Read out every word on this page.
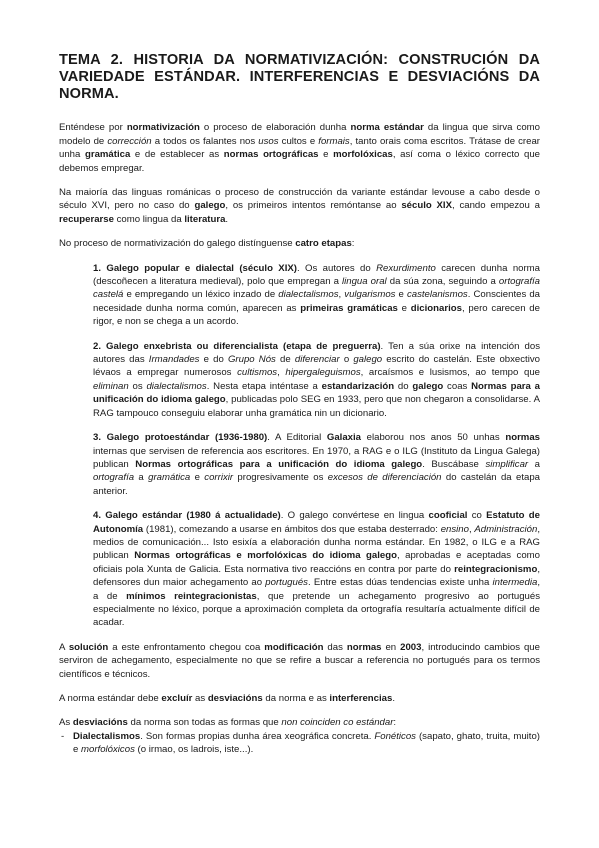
TEMA 2. HISTORIA DA NORMATIVIZACIÓN: CONSTRUCIÓN DA VARIEDADE ESTÁNDAR. INTERFERENCIAS E DESVIACIÓNS DA NORMA.

Enténdese por normativización o proceso de elaboración dunha norma estándar da lingua que sirva como modelo de corrección a todos os falantes nos usos cultos e formais, tanto orais coma escritos. Trátase de crear unha gramática e de establecer as normas ortográficas e morfolóxicas, así coma o léxico correcto que debemos empregar.

Na maioría das linguas románicas o proceso de construcción da variante estándar levouse a cabo desde o século XVI, pero no caso do galego, os primeiros intentos remóntanse ao século XIX, cando empezou a recuperarse como lingua da literatura.

No proceso de normativización do galego distínguense catro etapas:

1. Galego popular e dialectal (século XIX). Os autores do Rexurdimento carecen dunha norma (descoñecen a literatura medieval), polo que empregan a lingua oral da súa zona, seguindo a ortografía castelá e empregando un léxico inzado de dialectalismos, vulgarismos e castelanismos. Conscientes da necesidade dunha norma común, aparecen as primeiras gramáticas e dicionarios, pero carecen de rigor, e non se chega a un acordo.
2. Galego enxebrista ou diferencialista (etapa de preguerra). Ten a súa orixe na intención dos autores das Irmandades e do Grupo Nós de diferenciar o galego escrito do castelán. Este obxectivo lévaos a empregar numerosos cultismos, hipergaleguismos, arcaísmos e lusismos, ao tempo que eliminan os dialectalismos. Nesta etapa inténtase a estandarización do galego coas Normas para a unificación do idioma galego, publicadas polo SEG en 1933, pero que non chegaron a consolidarse. A RAG tampouco conseguiu elaborar unha gramática nin un dicionario.
3. Galego protoestándar (1936-1980). A Editorial Galaxia elaborou nos anos 50 unhas normas internas que servisen de referencia aos escritores. En 1970, a RAG e o ILG (Instituto da Lingua Galega) publican Normas ortográficas para a unificación do idioma galego. Buscábase simplificar a ortografía a gramática e corrixir progresivamente os excesos de diferenciación do castelán da etapa anterior.
4. Galego estándar (1980 á actualidade). O galego convértese en lingua cooficial co Estatuto de Autonomía (1981), comezando a usarse en ámbitos dos que estaba desterrado: ensino, Administración, medios de comunicación... Isto esixía a elaboración dunha norma estándar. En 1982, o ILG e a RAG publican Normas ortográficas e morfolóxicas do idioma galego, aprobadas e aceptadas como oficiais pola Xunta de Galicia. Esta normativa tivo reaccións en contra por parte do reintegracionismo, defensores dun maior achegamento ao portugués. Entre estas dúas tendencias existe unha intermedia, a de mínimos reintegracionistas, que pretende un achegamento progresivo ao portugués especialmente no léxico, porque a aproximación completa da ortografía resultaría actualmente difícil de acadar.

A solución a este enfrontamento chegou coa modificación das normas en 2003, introducindo cambios que serviron de achegamento, especialmente no que se refire a buscar a referencia no portugués para os termos científicos e técnicos.

A norma estándar debe excluír as desviacións da norma e as interferencias.

As desviacións da norma son todas as formas que non coinciden co estándar:

- Dialectalismos. Son formas propias dunha área xeográfica concreta. Fonéticos (sapato, ghato, truita, muito) e morfolóxicos (o irmao, os ladrois, iste...).
